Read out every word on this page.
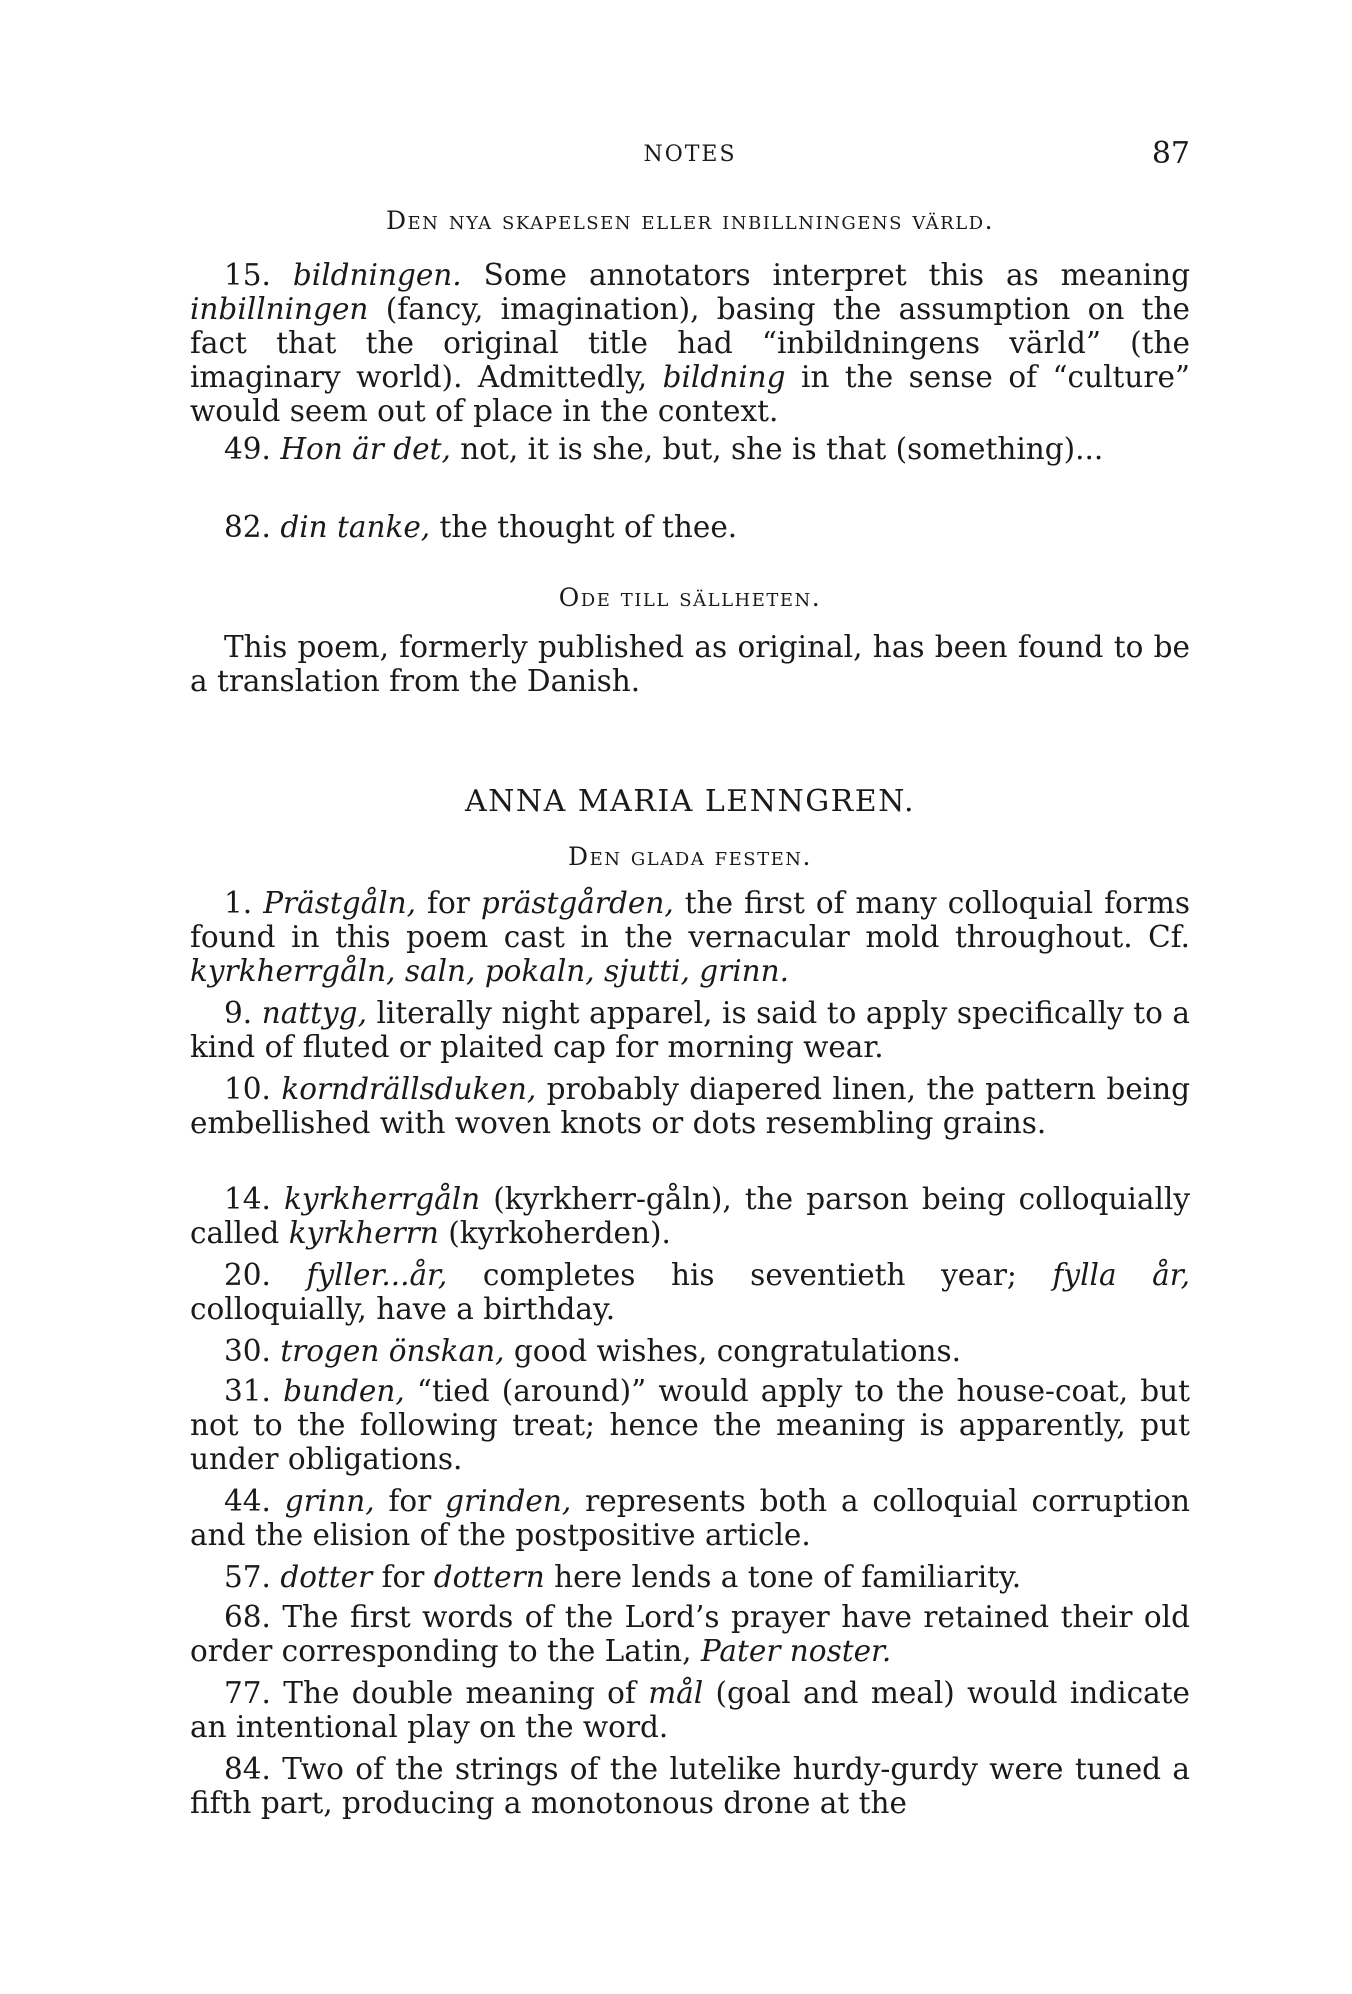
NOTES	87
Den nya skapelsen eller inbillningens värld.

15. bildningen. Some annotators interpret this as meaning inbillningen (fancy, imagination), basing the assumption on the fact that the original title had “inbildningens värld” (the imaginary world). Admittedly, bildning in the sense of “culture” would seem out of place in the context.

49. Hon är det, not, it is she, but, she is that (something)...

82. din tanke, the thought of thee.

Ode till sällheten.

This poem, formerly published as original, has been found to be a translation from the Danish.

ANNA MARIA LENNGREN.
Den glada festen.

1. Prästgåln, for prästgården, the first of many colloquial forms found in this poem cast in the vernacular mold throughout. Cf. kyrkherrgåln, saln, pokaln, sjutti, grinn.

9. nattyg, literally night apparel, is said to apply specifically to a kind of fluted or plaited cap for morning wear.

10. korndrällsduken, probably diapered linen, the pattern being embellished with woven knots or dots resembling grains.

14. kyrkherrgåln (kyrkherr-gåln), the parson being colloquially called kyrkherrn (kyrkoherden).

20. fyller...år, completes his seventieth year; fylla år, colloquially, have a birthday.

30. trogen önskan, good wishes, congratulations.

31. bunden, “tied (around)” would apply to the house-coat, but not to the following treat; hence the meaning is apparently, put under obligations.

44. grinn, for grinden, represents both a colloquial corruption and the elision of the postpositive article.

57. dotter for dottern here lends a tone of familiarity.

68. The first words of the Lord’s prayer have retained their old order corresponding to the Latin, Pater noster.

77. The double meaning of mål (goal and meal) would indicate an intentional play on the word.

84. Two of the strings of the lutelike hurdy-gurdy were tuned a fifth part, producing a monotonous drone at the
